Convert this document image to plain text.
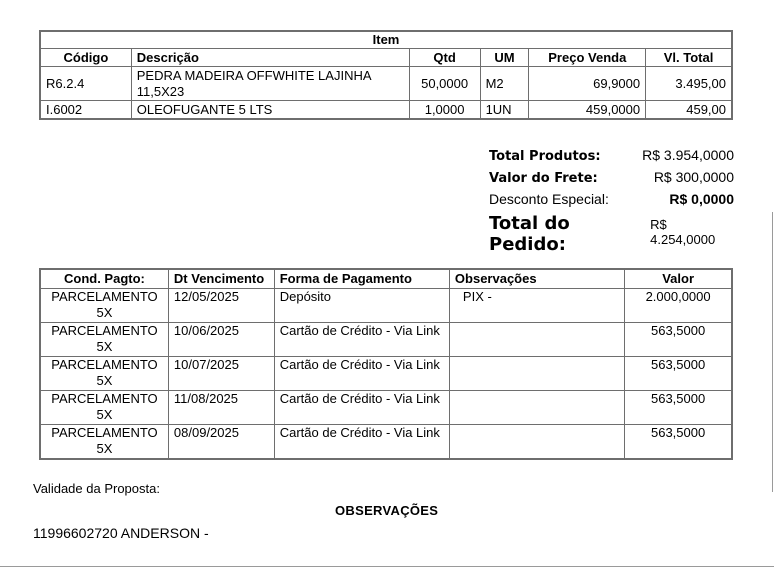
Item					
Código	Descrição	Qtd	UM	Preço Venda	Vl. Total
R6.2.4	PEDRA MADEIRA OFFWHITE LAJINHA 11,5X23	50,0000	M2	69,9000	3.495,00
I.6002	OLEOFUGANTE 5 LTS	1,0000	1UN	459,0000	459,00
Total Produtos:	R$ 3.954,0000
Valor do Frete:	R$ 300,0000
Desconto Especial:	R$ 0,0000
Total do Pedido:
R$ 4.254,0000
Cond. Pagto:	Dt Vencimento	Forma de Pagamento	Observações	Valor
PARCELAMENTO 5X	12/05/2025	Depósito	PIX -	2.000,0000
PARCELAMENTO 5X	10/06/2025	Cartão de Crédito - Via Link		563,5000
PARCELAMENTO 5X	10/07/2025	Cartão de Crédito - Via Link		563,5000
PARCELAMENTO 5X	11/08/2025	Cartão de Crédito - Via Link		563,5000
PARCELAMENTO 5X	08/09/2025	Cartão de Crédito - Via Link		563,5000
Validade da Proposta:
OBSERVAÇÕES
11996602720 ANDERSON -
